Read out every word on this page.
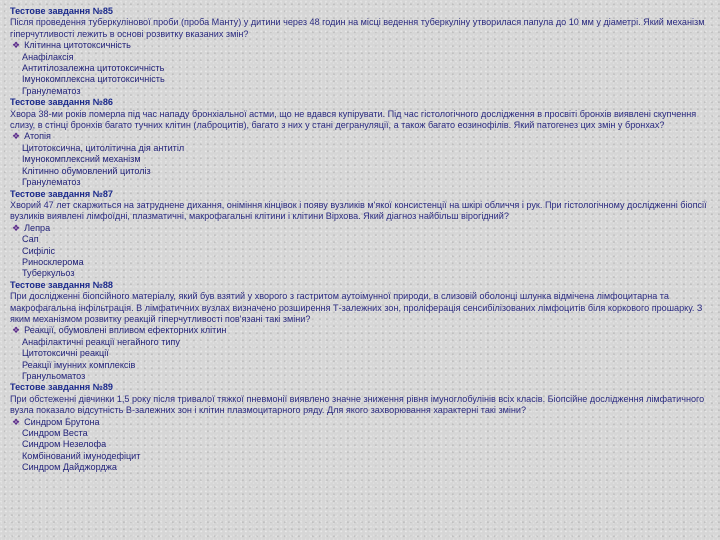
Тестове завдання №85
Після проведення туберкулінової проби (проба Манту) у дитини через 48 годин на місці ведення туберкуліну утворилася папула до 10 мм у діаметрі. Який механізм гіперчутливості лежить в основі розвитку вказаних змін?
❖ Клітинна цитотоксичність
Анафілаксія
Антитілозалежна цитотоксичність
Імунокомплексна цитотоксичність
Гранулематоз
Тестове завдання №86
Хвора 38-ми років померла під час нападу бронхіальної астми, що не вдався купірувати. Під час гістологічного дослідження в просвіті бронхів виявлені скупчення слизу, в стінці бронхів багато тучних клітин (лаброцитів), багато з них у стані дегрануляції, а також багато еозинофілів. Який патогенез цих змін у бронхах?
❖ Атопія
Цитотоксична, цитолітична дія антитіл
Імунокомплексний механізм
Клітинно обумовлений цитоліз
Гранулематоз
Тестове завдання №87
Хворий 47 лет скаржиться на затруднене дихання, оніміння кінцівок і появу вузликів м'якої консистенції на шкірі обличчя і рук. При гістологічному дослідженні біопсії вузликів виявлені лімфоїдні, плазматичні, макрофагальні клітини і клітини Вірхова. Який діагноз найбільш вірогідний?
❖ Лепра
Сап
Сифіліс
Риносклерома
Туберкульоз
Тестове завдання №88
При дослідженні біопсійного матеріалу, який був взятий у хворого з гастритом аутоімунної природи, в слизовій оболонці шлунка відмічена лімфоцитарна та макрофагальна інфільтрація. В лімфатичних вузлах визначено розширення Т-залежних зон, проліферація сенсибілізованих лімфоцитів біля коркового прошарку. З яким механізмом розвитку реакцій гіперчутливості пов'язані такі зміни?
❖ Реакції, обумовлені впливом ефекторних клітин
Анафілактичні реакції негайного типу
Цитотоксичні реакції
Реакції імунних комплексів
Гранульоматоз
Тестове завдання №89
При обстеженні дівчинки 1,5 року після тривалої тяжкої пневмонії виявлено значне зниження рівня імуноглобулінів всіх класів. Біопсійне дослідження лімфатичного вузла показало відсутність В-залежних зон і клітин плазмоцитарного ряду. Для якого захворювання характерні такі зміни?
❖ Синдром Брутона
Синдром Веста
Синдром Незелофа
Комбінований імунодефіцит
Синдром Дайджорджа
